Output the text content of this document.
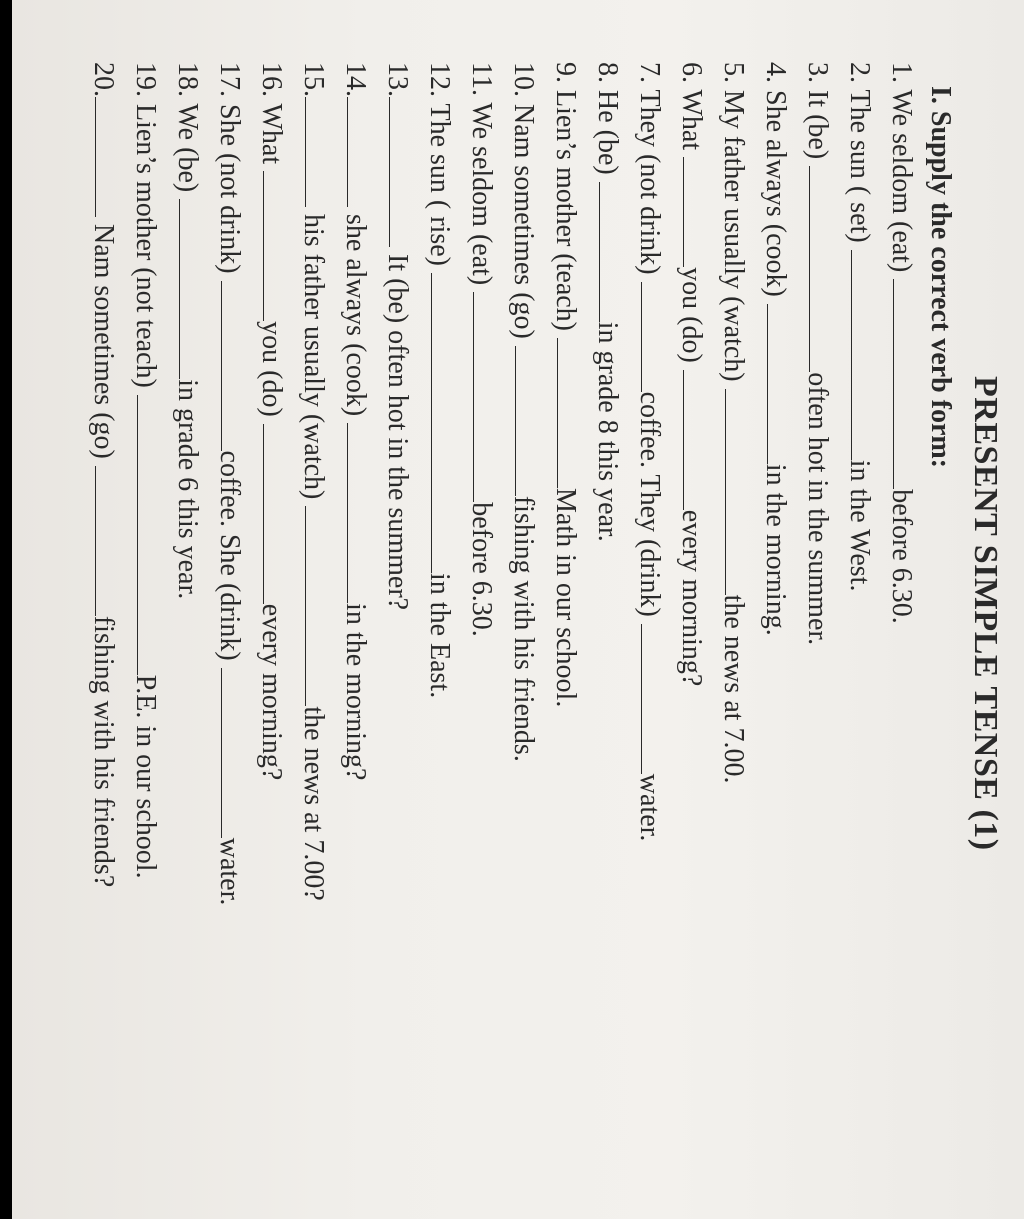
PRESENT SIMPLE TENSE (1)
I. Supply the correct verb form:
1. We seldom (eat) before 6.30.
2. The sun ( set) in the West.
3. It (be) often hot in the summer.
4. She always (cook) in the morning.
5. My father usually (watch) the news at 7.00.
6. What you (do) every morning?
7. They (not drink) coffee. They (drink) water.
8. He (be) in grade 8 this year.
9. Lien’s mother (teach) Math in our school.
10. Nam sometimes (go) fishing with his friends.
11. We seldom (eat) before 6.30.
12. The sun ( rise) in the East.
13. It (be) often hot in the summer?
14. she always (cook) in the morning?
15. his father usually (watch) the news at 7.00?
16. What you (do) every morning?
17. She (not drink) coffee. She (drink) water.
18. We (be) in grade 6 this year.
19. Lien’s mother (not teach) P.E. in our school.
20. Nam sometimes (go) fishing with his friends?
